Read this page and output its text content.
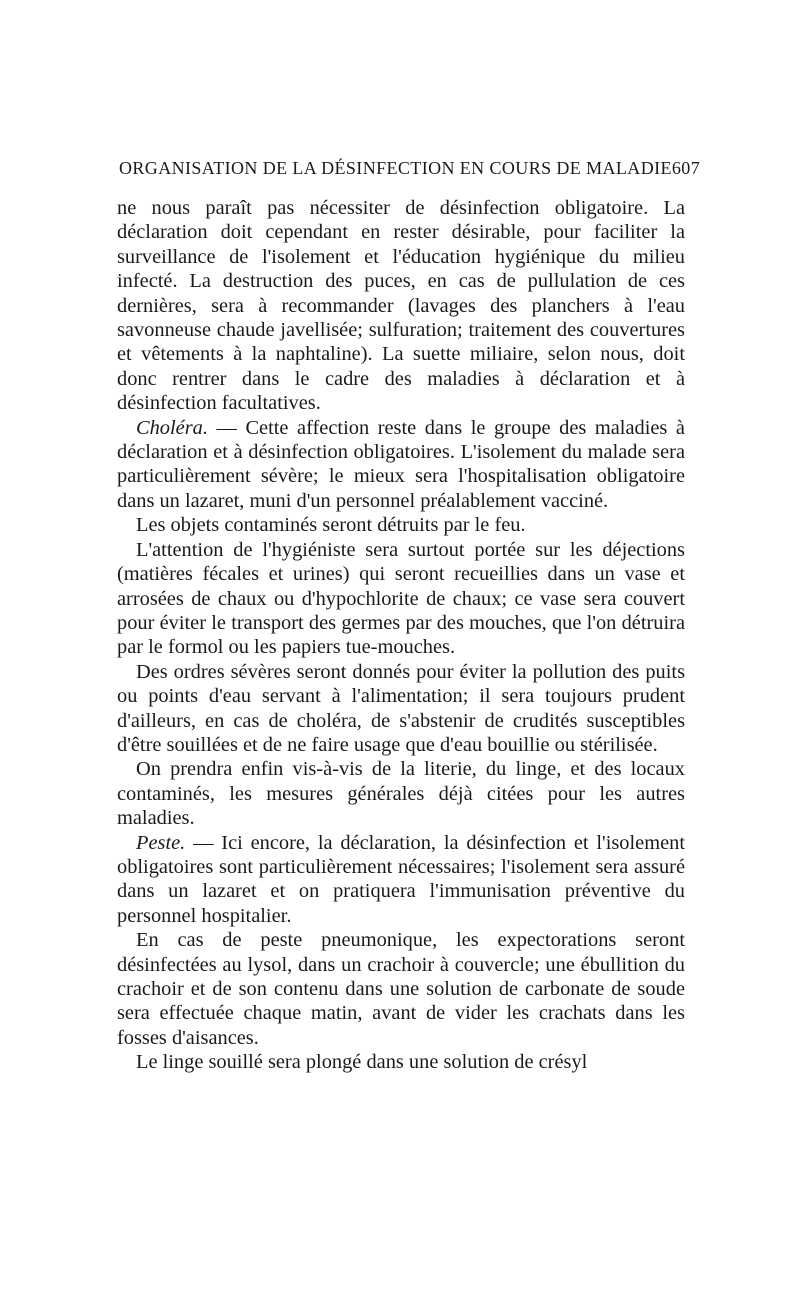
ORGANISATION DE LA DÉSINFECTION EN COURS DE MALADIE 607

ne nous paraît pas nécessiter de désinfection obligatoire. La déclaration doit cependant en rester désirable, pour faciliter la surveillance de l'isolement et l'éducation hygiénique du milieu infecté. La destruction des puces, en cas de pullulation de ces dernières, sera à recommander (lavages des planchers à l'eau savonneuse chaude javellisée; sulfuration; traitement des couvertures et vêtements à la naphtaline). La suette miliaire, selon nous, doit donc rentrer dans le cadre des maladies à déclaration et à désinfection facultatives.

Choléra. — Cette affection reste dans le groupe des maladies à déclaration et à désinfection obligatoires. L'isolement du malade sera particulièrement sévère; le mieux sera l'hospitalisation obligatoire dans un lazaret, muni d'un personnel préalablement vacciné.

Les objets contaminés seront détruits par le feu.

L'attention de l'hygiéniste sera surtout portée sur les déjections (matières fécales et urines) qui seront recueillies dans un vase et arrosées de chaux ou d'hypochlorite de chaux; ce vase sera couvert pour éviter le transport des germes par des mouches, que l'on détruira par le formol ou les papiers tue-mouches.

Des ordres sévères seront donnés pour éviter la pollution des puits ou points d'eau servant à l'alimentation; il sera toujours prudent d'ailleurs, en cas de choléra, de s'abstenir de crudités susceptibles d'être souillées et de ne faire usage que d'eau bouillie ou stérilisée.

On prendra enfin vis-à-vis de la literie, du linge, et des locaux contaminés, les mesures générales déjà citées pour les autres maladies.

Peste. — Ici encore, la déclaration, la désinfection et l'isolement obligatoires sont particulièrement nécessaires; l'isolement sera assuré dans un lazaret et on pratiquera l'immunisation préventive du personnel hospitalier.

En cas de peste pneumonique, les expectorations seront désinfectées au lysol, dans un crachoir à couvercle; une ébullition du crachoir et de son contenu dans une solution de carbonate de soude sera effectuée chaque matin, avant de vider les crachats dans les fosses d'aisances.

Le linge souillé sera plongé dans une solution de crésyl
